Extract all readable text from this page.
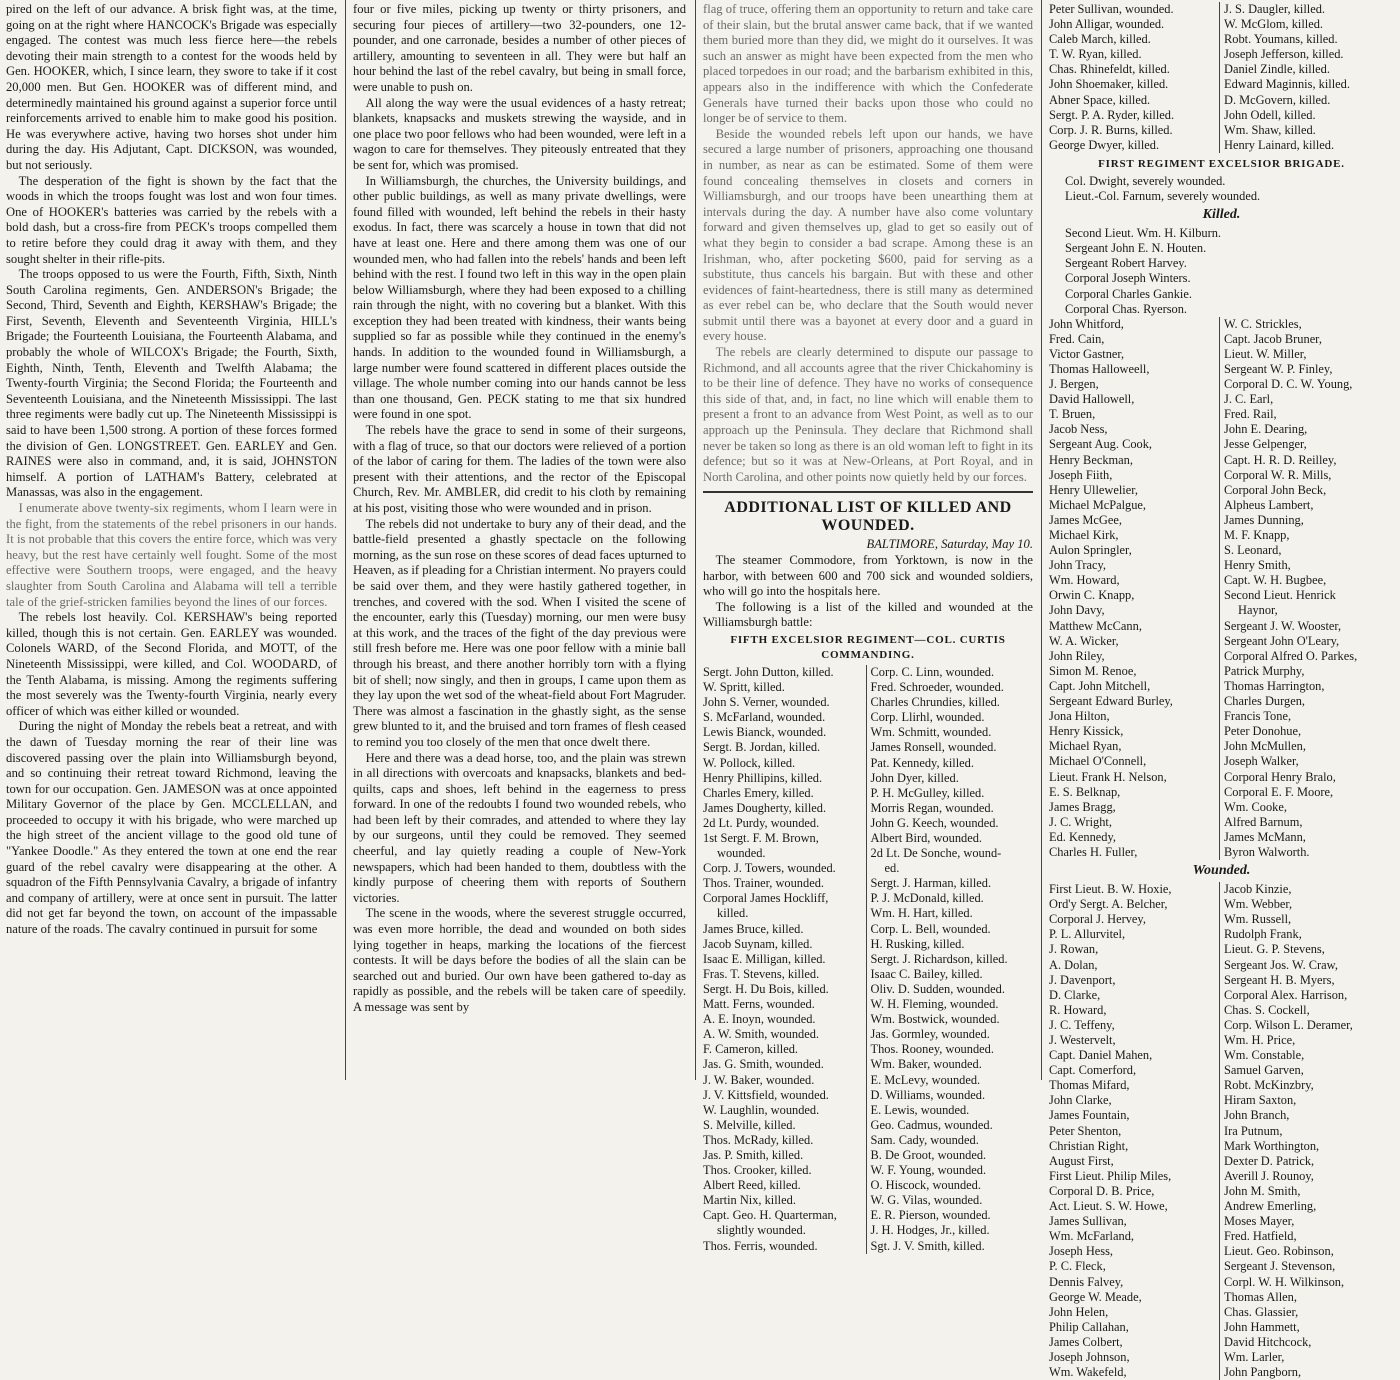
pired on the left of our advance. A brisk fight was, at the time, going on at the right where HANCOCK's Brigade was especially engaged. The contest was much less fierce here—the rebels devoting their main strength to a contest for the woods held by Gen. HOOKER, which, I since learn, they swore to take if it cost 20,000 men. But Gen. HOOKER was of different mind, and determinedly maintained his ground against a superior force until reinforcements arrived to enable him to make good his position. He was everywhere active, having two horses shot under him during the day. His Adjutant, Capt. DICKSON, was wounded, but not seriously.

The desperation of the fight is shown by the fact that the woods in which the troops fought was lost and won four times. One of HOOKER's batteries was carried by the rebels with a bold dash, but a cross-fire from PECK's troops compelled them to retire before they could drag it away with them, and they sought shelter in their rifle-pits.

The troops opposed to us were the Fourth, Fifth, Sixth, Ninth South Carolina regiments, Gen. ANDERSON's Brigade; the Second, Third, Seventh and Eighth, KERSHAW's Brigade; the First, Seventh, Eleventh and Seventeenth Virginia, HILL's Brigade; the Fourteenth Louisiana, the Fourteenth Alabama, and probably the whole of WILCOX's Brigade; the Fourth, Sixth, Eighth, Ninth, Tenth, Eleventh and Twelfth Alabama; the Twenty-fourth Virginia; the Second Florida; the Fourteenth and Seventeenth Louisiana, and the Nineteenth Mississippi. The last three regiments were badly cut up. The Nineteenth Mississippi is said to have been 1,500 strong. A portion of these forces formed the division of Gen. LONGSTREET. Gen. EARLEY and Gen. RAINES were also in command, and, it is said, JOHNSTON himself. A portion of LATHAM's Battery, celebrated at Manassas, was also in the engagement.

I enumerate above twenty-six regiments, whom I learn were in the fight, from the statements of the rebel prisoners in our hands. It is not probable that this covers the entire force, which was very heavy, but the rest have certainly well fought. Some of the most effective were Southern troops, were engaged, and the heavy slaughter from South Carolina and Alabama will tell a terrible tale of the grief-stricken families beyond the lines of our forces.

The rebels lost heavily. Col. KERSHAW's being reported killed, though this is not certain. Gen. EARLEY was wounded. Colonels WARD, of the Second Florida, and MOTT, of the Nineteenth Mississippi, were killed, and Col. WOODARD, of the Tenth Alabama, is missing. Among the regiments suffering the most severely was the Twenty-fourth Virginia, nearly every officer of which was either killed or wounded.

During the night of Monday the rebels beat a retreat, and with the dawn of Tuesday morning the rear of their line was discovered passing over the plain into Williamsburgh beyond, and so continuing their retreat toward Richmond, leaving the town for our occupation. Gen. JAMESON was at once appointed Military Governor of the place by Gen. MCCLELLAN, and proceeded to occupy it with his brigade, who were marched up the high street of the ancient village to the good old tune of "Yankee Doodle." As they entered the town at one end the rear guard of the rebel cavalry were disappearing at the other. A squadron of the Fifth Pennsylvania Cavalry, a brigade of infantry and company of artillery, were at once sent in pursuit. The latter did not get far beyond the town, on account of the impassable nature of the roads. The cavalry continued in pursuit for some

four or five miles, picking up twenty or thirty prisoners, and securing four pieces of artillery—two 32-pounders, one 12-pounder, and one carronade, besides a number of other pieces of artillery, amounting to seventeen in all. They were but half an hour behind the last of the rebel cavalry, but being in small force, were unable to push on.

All along the way were the usual evidences of a hasty retreat; blankets, knapsacks and muskets strewing the wayside, and in one place two poor fellows who had been wounded, were left in a wagon to care for themselves. They piteously entreated that they be sent for, which was promised.

In Williamsburgh, the churches, the University buildings, and other public buildings, as well as many private dwellings, were found filled with wounded, left behind the rebels in their hasty exodus. In fact, there was scarcely a house in town that did not have at least one. Here and there among them was one of our wounded men, who had fallen into the rebels' hands and been left behind with the rest. I found two left in this way in the open plain below Williamsburgh, where they had been exposed to a chilling rain through the night, with no covering but a blanket. With this exception they had been treated with kindness, their wants being supplied so far as possible while they continued in the enemy's hands. In addition to the wounded found in Williamsburgh, a large number were found scattered in different places outside the village. The whole number coming into our hands cannot be less than one thousand, Gen. PECK stating to me that six hundred were found in one spot.

The rebels have the grace to send in some of their surgeons, with a flag of truce, so that our doctors were relieved of a portion of the labor of caring for them. The ladies of the town were also present with their attentions, and the rector of the Episcopal Church, Rev. Mr. AMBLER, did credit to his cloth by remaining at his post, visiting those who were wounded and in prison.

The rebels did not undertake to bury any of their dead, and the battle-field presented a ghastly spectacle on the following morning, as the sun rose on these scores of dead faces upturned to Heaven, as if pleading for a Christian interment. No prayers could be said over them, and they were hastily gathered together, in trenches, and covered with the sod. When I visited the scene of the encounter, early this (Tuesday) morning, our men were busy at this work, and the traces of the fight of the day previous were still fresh before me. Here was one poor fellow with a minie ball through his breast, and there another horribly torn with a flying bit of shell; now singly, and then in groups, I came upon them as they lay upon the wet sod of the wheat-field about Fort Magruder. There was almost a fascination in the ghastly sight, as the sense grew blunted to it, and the bruised and torn frames of flesh ceased to remind you too closely of the men that once dwelt there.

Here and there was a dead horse, too, and the plain was strewn in all directions with overcoats and knapsacks, blankets and bed-quilts, caps and shoes, left behind in the eagerness to press forward. In one of the redoubts I found two wounded rebels, who had been left by their comrades, and attended to where they lay by our surgeons, until they could be removed. They seemed cheerful, and lay quietly reading a couple of New-York newspapers, which had been handed to them, doubtless with the kindly purpose of cheering them with reports of Southern victories.

The scene in the woods, where the severest struggle occurred, was even more horrible, the dead and wounded on both sides lying together in heaps, marking the locations of the fiercest contests. It will be days before the bodies of all the slain can be searched out and buried. Our own have been gathered to-day as rapidly as possible, and the rebels will be taken care of speedily. A message was sent by

flag of truce, offering them an opportunity to return and take care of their slain, but the brutal answer came back, that if we wanted them buried more than they did, we might do it ourselves. It was such an answer as might have been expected from the men who placed torpedoes in our road; and the barbarism exhibited in this, appears also in the indifference with which the Confederate Generals have turned their backs upon those who could no longer be of service to them.

Beside the wounded rebels left upon our hands, we have secured a large number of prisoners, approaching one thousand in number, as near as can be estimated. Some of them were found concealing themselves in closets and corners in Williamsburgh, and our troops have been unearthing them at intervals during the day. A number have also come voluntary forward and given themselves up, glad to get so easily out of what they begin to consider a bad scrape. Among these is an Irishman, who, after pocketing $600, paid for serving as a substitute, thus cancels his bargain. But with these and other evidences of faint-heartedness, there is still many as determined as ever rebel can be, who declare that the South would never submit until there was a bayonet at every door and a guard in every house.

The rebels are clearly determined to dispute our passage to Richmond, and all accounts agree that the river Chickahominy is to be their line of defence. They have no works of consequence this side of that, and, in fact, no line which will enable them to present a front to an advance from West Point, as well as to our approach up the Peninsula. They declare that Richmond shall never be taken so long as there is an old woman left to fight in its defence; but so it was at New-Orleans, at Port Royal, and in North Carolina, and other points now quietly held by our forces.

ADDITIONAL LIST OF KILLED AND WOUNDED.

BALTIMORE, Saturday, May 10.

The steamer Commodore, from Yorktown, is now in the harbor, with between 600 and 700 sick and wounded soldiers, who will go into the hospitals here.

The following is a list of the killed and wounded at the Williamsburgh battle:

FIFTH EXCELSIOR REGIMENT—COL. CURTIS COMMANDING.
Sergt. John Dutton, killed.
W. Spritt, killed.
John S. Verner, wounded.
S. McFarland, wounded.
Lewis Bianck, wounded.
Sergt. B. Jordan, killed.
W. Pollock, killed.
Henry Phillipins, killed.
Charles Emery, killed.
James Dougherty, killed.
2d Lt. Purdy, wounded.
1st Sergt. F. M. Brown,
wounded.
Corp. J. Towers, wounded.
Thos. Trainer, wounded.
Corporal James Hockliff,
killed.
James Bruce, killed.
Jacob Suynam, killed.
Isaac E. Milligan, killed.
Fras. T. Stevens, killed.
Sergt. H. Du Bois, killed.
Matt. Ferns, wounded.
A. E. Inoyn, wounded.
A. W. Smith, wounded.
F. Cameron, killed.
Jas. G. Smith, wounded.
J. W. Baker, wounded.
J. V. Kittsfield, wounded.
W. Laughlin, wounded.
S. Melville, killed.
Thos. McRady, killed.
Jas. P. Smith, killed.
Thos. Crooker, killed.
Albert Reed, killed.
Martin Nix, killed.
Capt. Geo. H. Quarterman,
slightly wounded.
Thos. Ferris, wounded.
Corp. C. Linn, wounded.
Fred. Schroeder, wounded.
Charles Chrundies, killed.
Corp. Llirhl, wounded.
Wm. Schmitt, wounded.
James Ronsell, wounded.
Pat. Kennedy, killed.
John Dyer, killed.
P. H. McGulley, killed.
Morris Regan, wounded.
John G. Keech, wounded.
Albert Bird, wounded.
2d Lt. De Sonche, wound-
ed.
Sergt. J. Harman, killed.
P. J. McDonald, killed.
Wm. H. Hart, killed.
Corp. L. Bell, wounded.
H. Rusking, killed.
Sergt. J. Richardson, killed.
Isaac C. Bailey, killed.
Oliv. D. Sudden, wounded.
W. H. Fleming, wounded.
Wm. Bostwick, wounded.
Jas. Gormley, wounded.
Thos. Rooney, wounded.
Wm. Baker, wounded.
E. McLevy, wounded.
D. Williams, wounded.
E. Lewis, wounded.
Geo. Cadmus, wounded.
Sam. Cady, wounded.
B. De Groot, wounded.
W. F. Young, wounded.
O. Hiscock, wounded.
W. G. Vilas, wounded.
E. R. Pierson, wounded.
J. H. Hodges, Jr., killed.
Sgt. J. V. Smith, killed.
Peter Sullivan, wounded.
John Alligar, wounded.
Caleb March, killed.
T. W. Ryan, killed.
Chas. Rhinefeldt, killed.
John Shoemaker, killed.
Abner Space, killed.
Sergt. P. A. Ryder, killed.
Corp. J. R. Burns, killed.
George Dwyer, killed.
J. S. Daugler, killed.
W. McGlom, killed.
Robt. Youmans, killed.
Joseph Jefferson, killed.
Daniel Zindle, killed.
Edward Maginnis, killed.
D. McGovern, killed.
John Odell, killed.
Wm. Shaw, killed.
Henry Lainard, killed.
FIRST REGIMENT EXCELSIOR BRIGADE.
Col. Dwight, severely wounded.
Lieut.-Col. Farnum, severely wounded.
Killed.
Second Lieut. Wm. H. Kilburn.
Sergeant John E. N. Houten.
Sergeant Robert Harvey.
Corporal Joseph Winters.
Corporal Charles Gankie.
Corporal Chas. Ryerson.
John Whitford,
Fred. Cain,
Victor Gastner,
Thomas Halloweell,
J. Bergen,
David Hallowell,
T. Bruen,
Jacob Ness,
Sergeant Aug. Cook,
Henry Beckman,
Joseph Fiith,
Henry Ullewelier,
Michael McPalgue,
James McGee,
Michael Kirk,
Aulon Springler,
John Tracy,
Wm. Howard,
Orwin C. Knapp,
John Davy,
Matthew McCann,
W. A. Wicker,
John Riley,
Simon M. Renoe,
Capt. John Mitchell,
Sergeant Edward Burley,
Jona Hilton,
Henry Kissick,
Michael Ryan,
Michael O'Connell,
Lieut. Frank H. Nelson,
E. S. Belknap,
James Bragg,
J. C. Wright,
Ed. Kennedy,
Charles H. Fuller,
W. C. Strickles,
Capt. Jacob Bruner,
Lieut. W. Miller,
Sergeant W. P. Finley,
Corporal D. C. W. Young,
J. C. Earl,
Fred. Rail,
John E. Dearing,
Jesse Gelpenger,
Capt. H. R. D. Reilley,
Corporal W. R. Mills,
Corporal John Beck,
Alpheus Lambert,
James Dunning,
M. F. Knapp,
S. Leonard,
Henry Smith,
Capt. W. H. Bugbee,
Second Lieut. Henrick
Haynor,
Sergeant J. W. Wooster,
Sergeant John O'Leary,
Corporal Alfred O. Parkes,
Patrick Murphy,
Thomas Harrington,
Charles Durgen,
Francis Tone,
Peter Donohue,
John McMullen,
Joseph Walker,
Corporal Henry Bralo,
Corporal E. F. Moore,
Wm. Cooke,
Alfred Barnum,
James McMann,
Byron Walworth.
Wounded.
First Lieut. B. W. Hoxie,
Ord'y Sergt. A. Belcher,
Corporal J. Hervey,
P. L. Allurvitel,
J. Rowan,
A. Dolan,
J. Davenport,
D. Clarke,
R. Howard,
J. C. Teffeny,
J. Westervelt,
Capt. Daniel Mahen,
Capt. Comerford,
Thomas Mifard,
John Clarke,
James Fountain,
Peter Shenton,
Christian Right,
August First,
First Lieut. Philip Miles,
Corporal D. B. Price,
Act. Lieut. S. W. Howe,
James Sullivan,
Wm. McFarland,
Joseph Hess,
P. C. Fleck,
Dennis Falvey,
George W. Meade,
John Helen,
Philip Callahan,
James Colbert,
Joseph Johnson,
Wm. Wakefeld,
Jacob Kinzie,
Wm. Webber,
Wm. Russell,
Rudolph Frank,
Lieut. G. P. Stevens,
Sergeant Jos. W. Craw,
Sergeant H. B. Myers,
Corporal Alex. Harrison,
Chas. S. Cockell,
Corp. Wilson L. Deramer,
Wm. H. Price,
Wm. Constable,
Samuel Garven,
Robt. McKinzbry,
Hiram Saxton,
John Branch,
Ira Putnum,
Mark Worthington,
Dexter D. Patrick,
Averill J. Rounoy,
John M. Smith,
Andrew Emerling,
Moses Mayer,
Fred. Hatfield,
Lieut. Geo. Robinson,
Sergeant J. Stevenson,
Corpl. W. H. Wilkinson,
Thomas Allen,
Chas. Glassier,
John Hammett,
David Hitchcock,
Wm. Larler,
John Pangborn,
